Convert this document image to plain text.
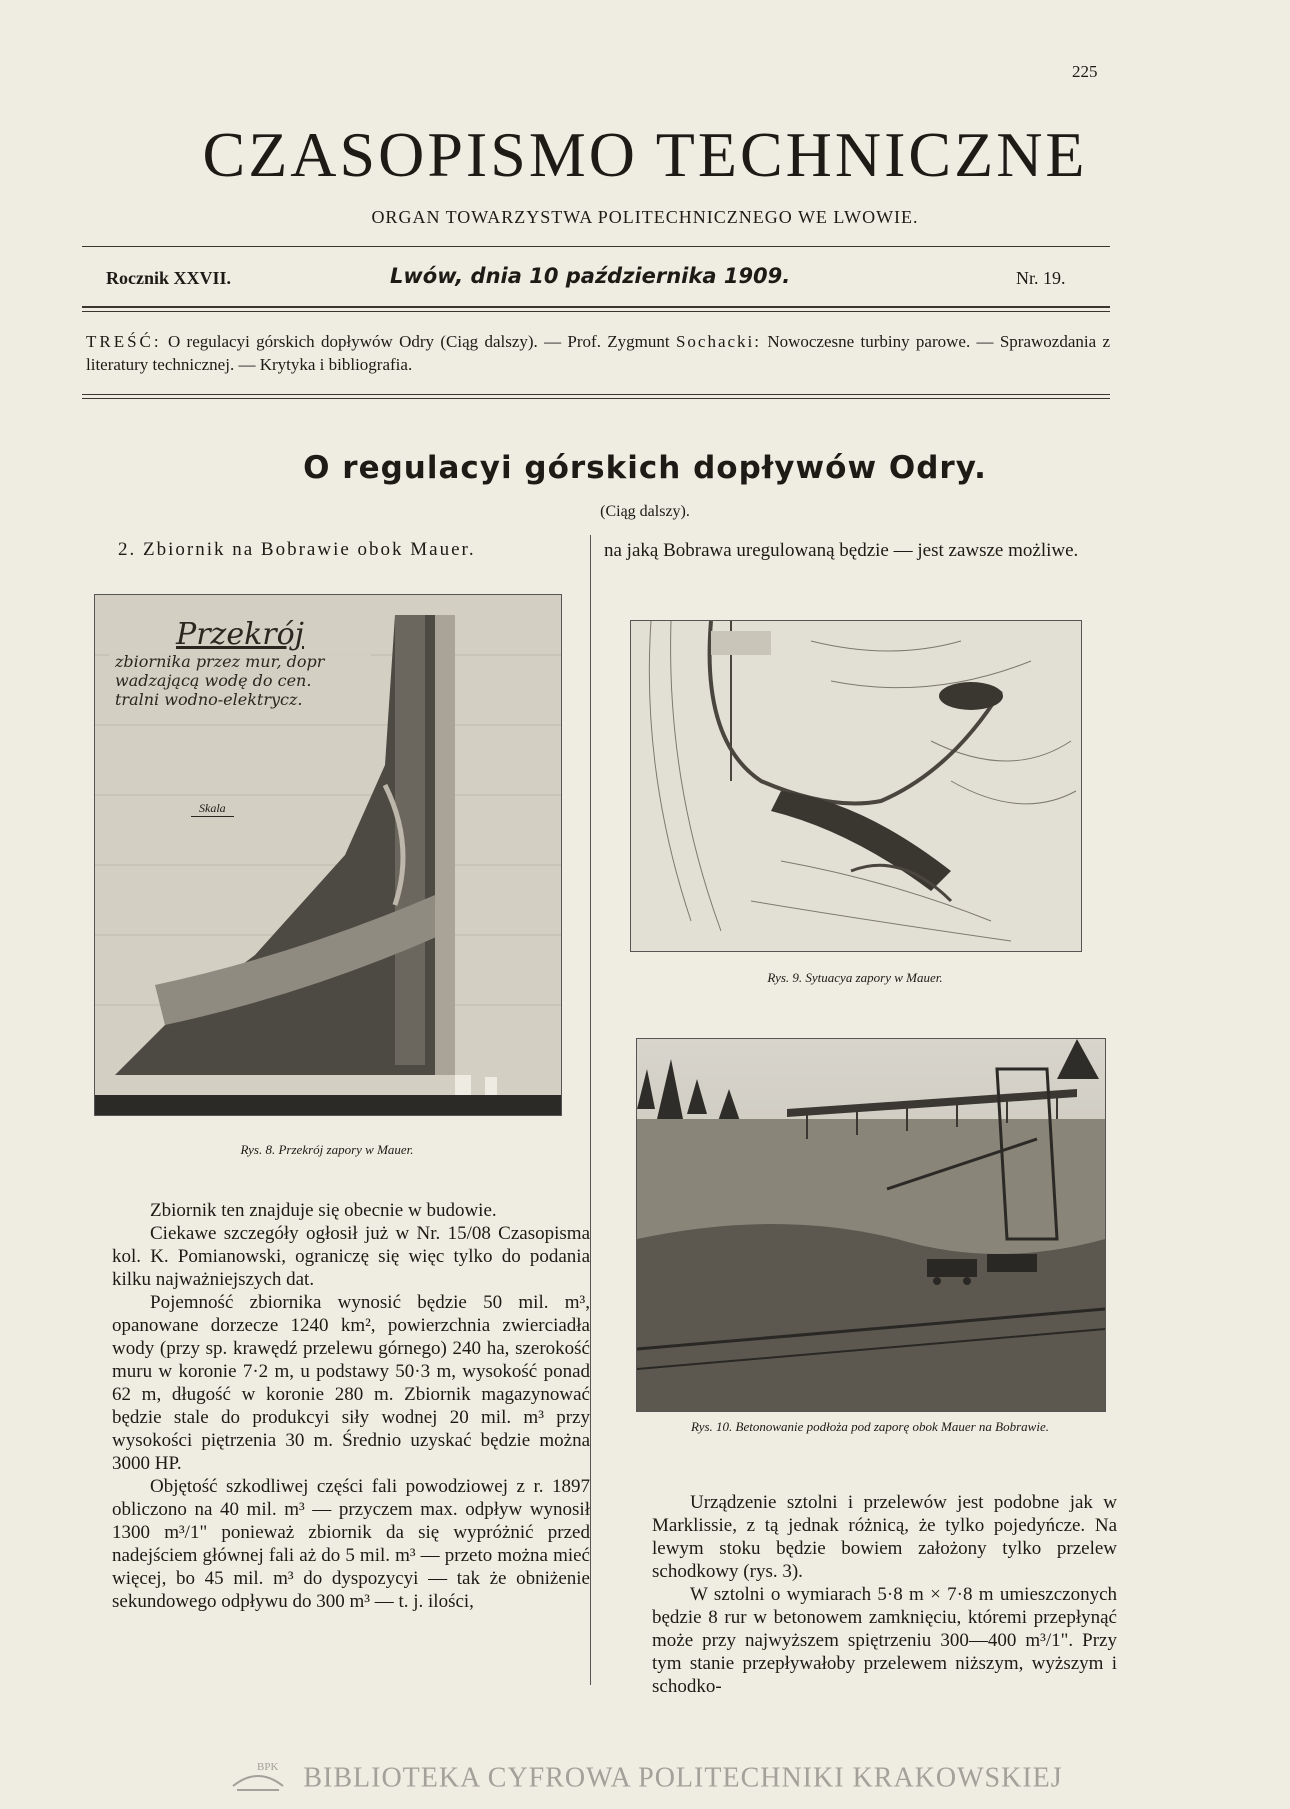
225
CZASOPISMO TECHNICZNE
ORGAN TOWARZYSTWA POLITECHNICZNEGO WE LWOWIE.
Rocznik XXVII.	Lwów, dnia 10 października 1909.	Nr. 19.
TREŚĆ: O regulacyi górskich dopływów Odry (Ciąg dalszy). — Prof. Zygmunt Sochacki: Nowoczesne turbiny parowe. — Sprawozdania z literatury technicznej. — Krytyka i bibliografia.
O regulacyi górskich dopływów Odry.
(Ciąg dalszy).
2. Zbiornik na Bobrawie obok Mauer.	na jaką Bobrawa uregulowaną będzie — jest zawsze możliwe.
Przekrój
zbiornika przez mur, dopr
wadzającą wodę do cen.
tralni wodno-elektrycz.
Skala
Rys. 8. Przekrój zapory w Mauer.
Rys. 9. Sytuacya zapory w Mauer.
Rys. 10. Betonowanie podłoża pod zaporę obok Mauer na Bobrawie.

Zbiornik ten znajduje się obecnie w budowie.

Ciekawe szczegóły ogłosił już w Nr. 15/08 Czasopisma kol. K. Pomianowski, ograniczę się więc tylko do podania kilku najważniejszych dat.

Pojemność zbiornika wynosić będzie 50 mil. m³, opanowane dorzecze 1240 km², powierzchnia zwierciadła wody (przy sp. krawędź przelewu górnego) 240 ha, szerokość muru w koronie 7·2 m, u podstawy 50·3 m, wysokość ponad 62 m, długość w koronie 280 m. Zbiornik magazynować będzie stale do produkcyi siły wodnej 20 mil. m³ przy wysokości piętrzenia 30 m. Średnio uzyskać będzie można 3000 HP.

Objętość szkodliwej części fali powodziowej z r. 1897 obliczono na 40 mil. m³ — przyczem max. odpływ wynosił 1300 m³/1" ponieważ zbiornik da się wypróżnić przed nadejściem głównej fali aż do 5 mil. m³ — przeto można mieć więcej, bo 45 mil. m³ do dyspozycyi — tak że obniżenie sekundowego odpływu do 300 m³ — t. j. ilości,

Urządzenie sztolni i przelewów jest podobne jak w Marklissie, z tą jednak różnicą, że tylko pojedyńcze. Na lewym stoku będzie bowiem założony tylko przelew schodkowy (rys. 3).

W sztolni o wymiarach 5·8 m × 7·8 m umieszczonych będzie 8 rur w betonowem zamknięciu, któremi przepłynąć może przy najwyższem spiętrzeniu 300—400 m³/1". Przy tym stanie przepływałoby przelewem niższym, wyższym i schodko-

BPK BIBLIOTEKA CYFROWA POLITECHNIKI KRAKOWSKIEJ
